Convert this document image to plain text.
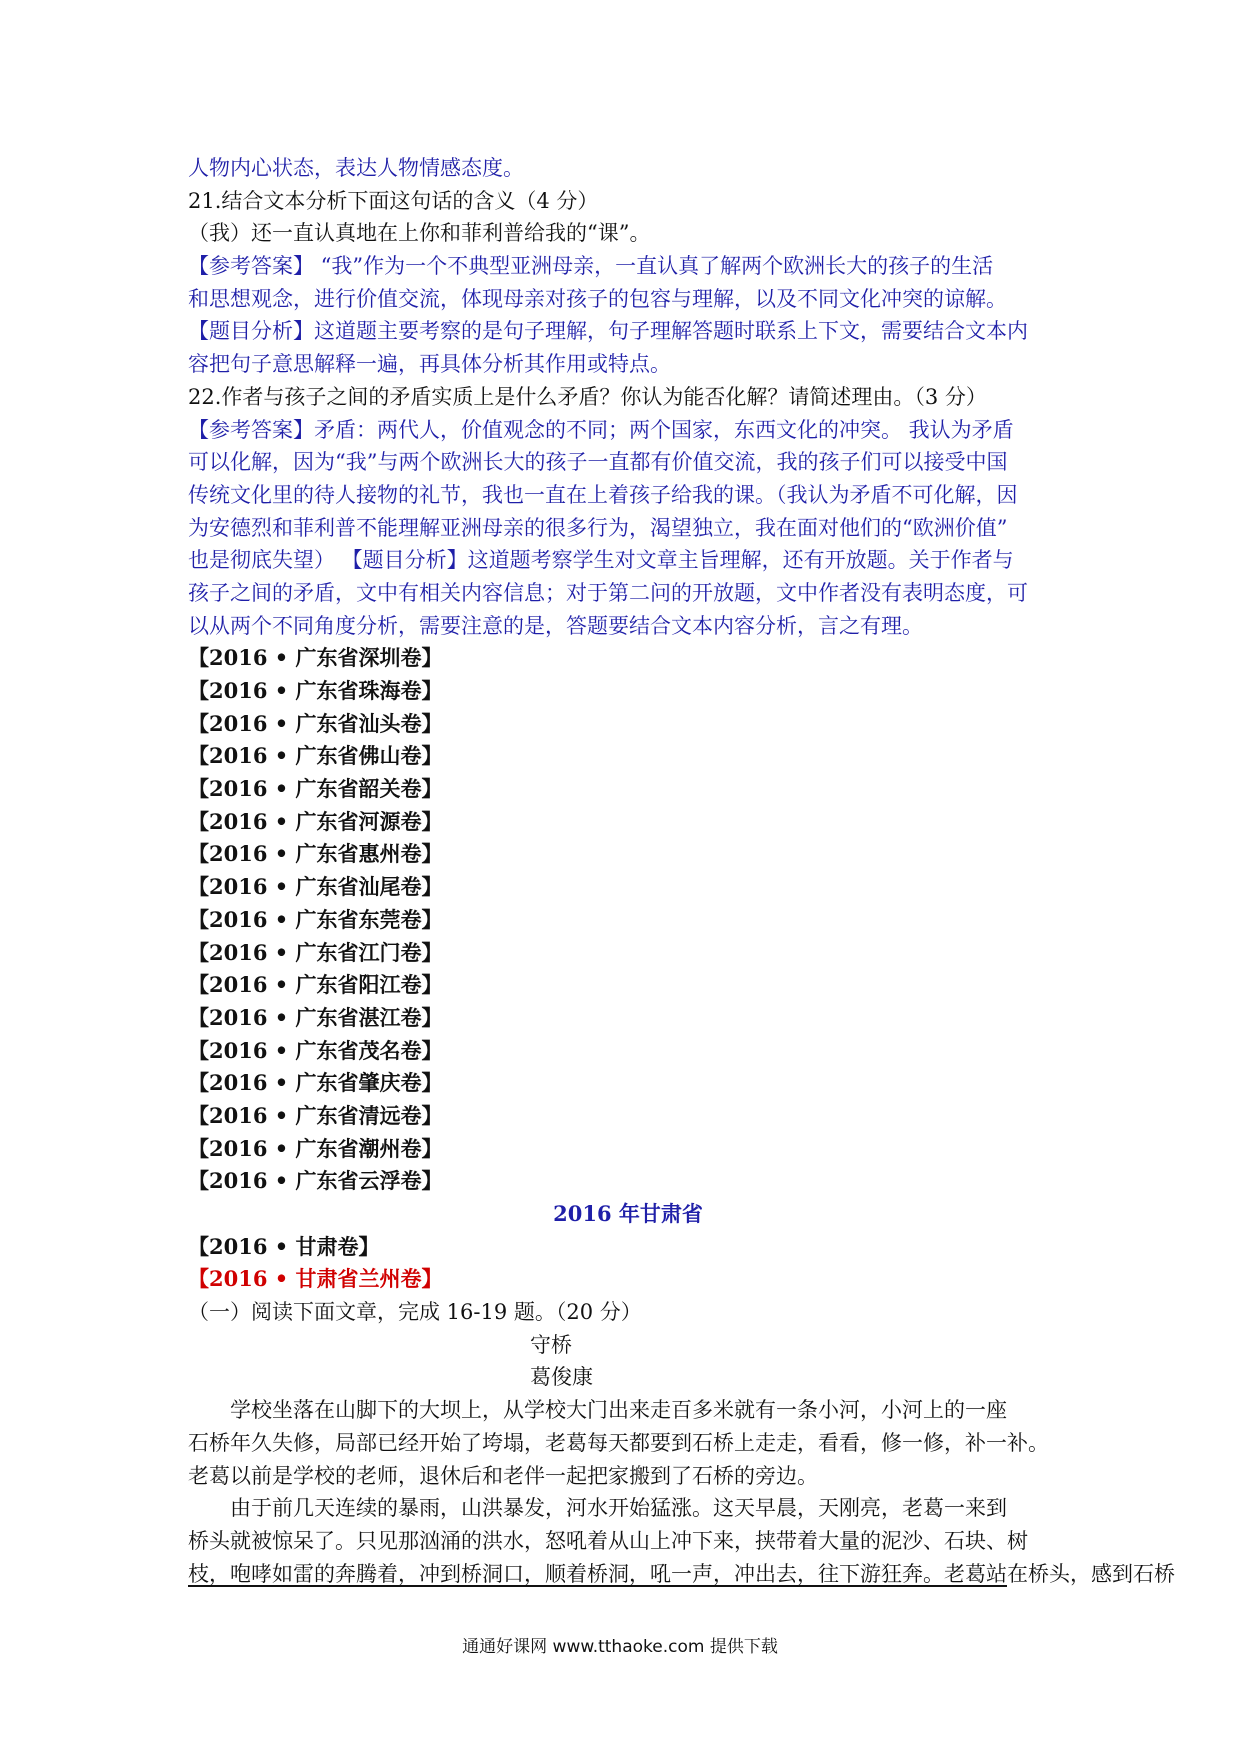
人物内心状态，表达人物情感态度。
21.结合文本分析下面这句话的含义（4 分）
（我）还一直认真地在上你和菲利普给我的“课”。
【参考答案】 “我”作为一个不典型亚洲母亲，一直认真了解两个欧洲长大的孩子的生活
和思想观念，进行价值交流，体现母亲对孩子的包容与理解，以及不同文化冲突的谅解。
【题目分析】这道题主要考察的是句子理解，句子理解答题时联系上下文，需要结合文本内
容把句子意思解释一遍，再具体分析其作用或特点。
22.作者与孩子之间的矛盾实质上是什么矛盾？你认为能否化解？请简述理由。（3 分）
【参考答案】矛盾：两代人，价值观念的不同；两个国家，东西文化的冲突。 我认为矛盾
可以化解，因为“我”与两个欧洲长大的孩子一直都有价值交流，我的孩子们可以接受中国
传统文化里的待人接物的礼节，我也一直在上着孩子给我的课。（我认为矛盾不可化解，因
为安德烈和菲利普不能理解亚洲母亲的很多行为，渴望独立，我在面对他们的“欧洲价值”
也是彻底失望） 【题目分析】这道题考察学生对文章主旨理解，还有开放题。关于作者与
孩子之间的矛盾，文中有相关内容信息；对于第二问的开放题，文中作者没有表明态度，可
以从两个不同角度分析，需要注意的是，答题要结合文本内容分析，言之有理。
【2016 • 广东省深圳卷】
【2016 • 广东省珠海卷】
【2016 • 广东省汕头卷】
【2016 • 广东省佛山卷】
【2016 • 广东省韶关卷】
【2016 • 广东省河源卷】
【2016 • 广东省惠州卷】
【2016 • 广东省汕尾卷】
【2016 • 广东省东莞卷】
【2016 • 广东省江门卷】
【2016 • 广东省阳江卷】
【2016 • 广东省湛江卷】
【2016 • 广东省茂名卷】
【2016 • 广东省肇庆卷】
【2016 • 广东省清远卷】
【2016 • 广东省潮州卷】
【2016 • 广东省云浮卷】
2016 年甘肃省
【2016 • 甘肃卷】
【2016 • 甘肃省兰州卷】
（一）阅读下面文章，完成 16-19 题。（20 分）
守桥
葛俊康
学校坐落在山脚下的大坝上，从学校大门出来走百多米就有一条小河，小河上的一座
石桥年久失修，局部已经开始了垮塌，老葛每天都要到石桥上走走，看看，修一修，补一补。
老葛以前是学校的老师，退休后和老伴一起把家搬到了石桥的旁边。
由于前几天连续的暴雨，山洪暴发，河水开始猛涨。这天早晨，天刚亮，老葛一来到
桥头就被惊呆了。只见那汹涌的洪水，怒吼着从山上冲下来，挟带着大量的泥沙、石块、树
枝，咆哮如雷的奔腾着，冲到桥洞口，顺着桥洞，吼一声，冲出去，往下游狂奔。老葛站在桥头，感到石桥
通通好课网 www.tthaoke.com 提供下载
